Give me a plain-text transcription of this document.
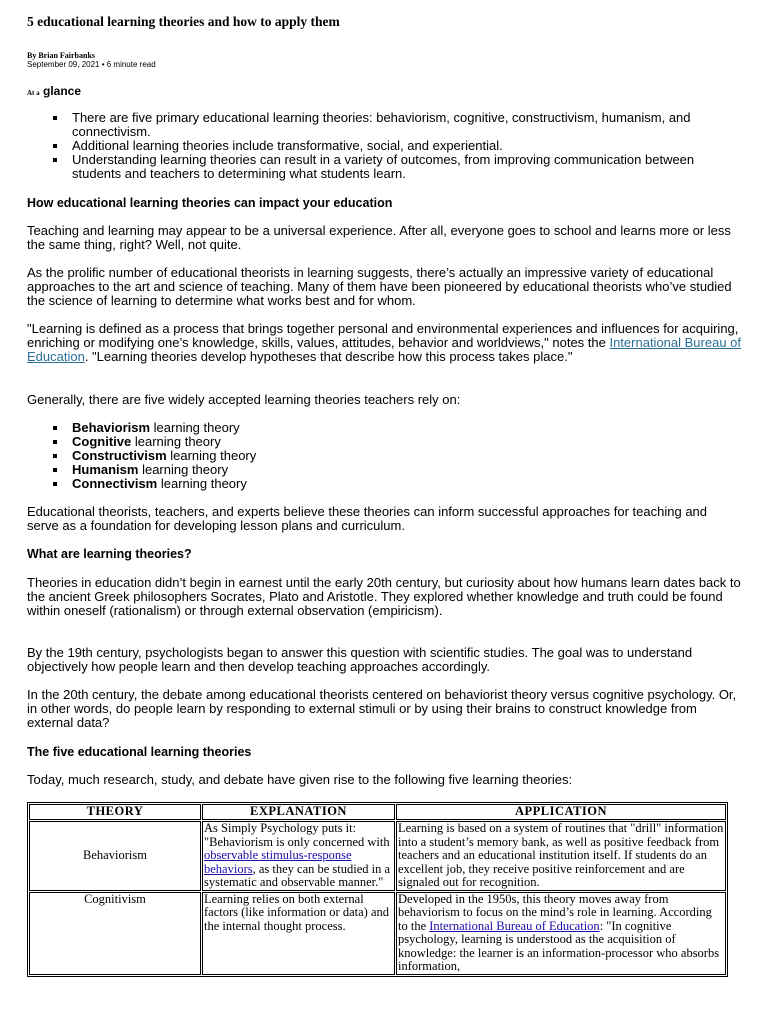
5 educational learning theories and how to apply them
By Brian Fairbanks
September 09, 2021 • 6 minute read
At a glance
There are five primary educational learning theories: behaviorism, cognitive, constructivism, humanism, and connectivism.
Additional learning theories include transformative, social, and experiential.
Understanding learning theories can result in a variety of outcomes, from improving communication between students and teachers to determining what students learn.
How educational learning theories can impact your education

Teaching and learning may appear to be a universal experience. After all, everyone goes to school and learns more or less the same thing, right? Well, not quite.

As the prolific number of educational theorists in learning suggests, there’s actually an impressive variety of educational approaches to the art and science of teaching. Many of them have been pioneered by educational theorists who’ve studied the science of learning to determine what works best and for whom.

"Learning is defined as a process that brings together personal and environmental experiences and influences for acquiring, enriching or modifying one’s knowledge, skills, values, attitudes, behavior and worldviews," notes the International Bureau of Education. "Learning theories develop hypotheses that describe how this process takes place."

Generally, there are five widely accepted learning theories teachers rely on:

Behaviorism learning theory
Cognitive learning theory
Constructivism learning theory
Humanism learning theory
Connectivism learning theory

Educational theorists, teachers, and experts believe these theories can inform successful approaches for teaching and serve as a foundation for developing lesson plans and curriculum.

What are learning theories?

Theories in education didn’t begin in earnest until the early 20th century, but curiosity about how humans learn dates back to the ancient Greek philosophers Socrates, Plato and Aristotle. They explored whether knowledge and truth could be found within oneself (rationalism) or through external observation (empiricism).

By the 19th century, psychologists began to answer this question with scientific studies. The goal was to understand objectively how people learn and then develop teaching approaches accordingly.

In the 20th century, the debate among educational theorists centered on behaviorist theory versus cognitive psychology. Or, in other words, do people learn by responding to external stimuli or by using their brains to construct knowledge from external data?

The five educational learning theories

Today, much research, study, and debate have given rise to the following five learning theories:

THEORY	EXPLANATION	APPLICATION
Behaviorism	As Simply Psychology puts it: "Behaviorism is only concerned with observable stimulus-response behaviors, as they can be studied in a systematic and observable manner."	Learning is based on a system of routines that "drill" information into a student’s memory bank, as well as positive feedback from teachers and an educational institution itself. If students do an excellent job, they receive positive reinforcement and are signaled out for recognition.
Cognitivism	Learning relies on both external factors (like information or data) and the internal thought process.	Developed in the 1950s, this theory moves away from behaviorism to focus on the mind’s role in learning. According to the International Bureau of Education: "In cognitive psychology, learning is understood as the acquisition of knowledge: the learner is an information-processor who absorbs information,
